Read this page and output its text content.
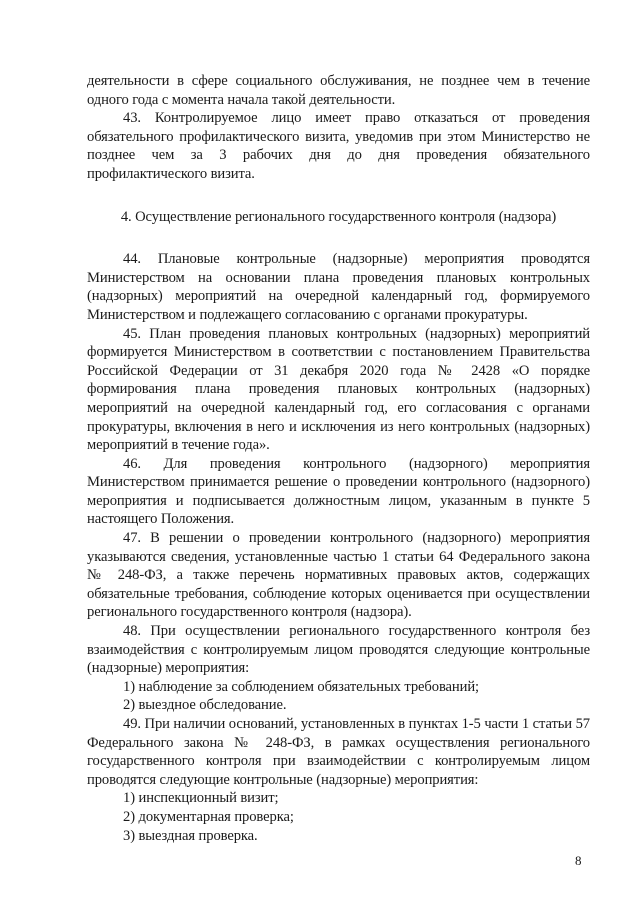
деятельности в сфере социального обслуживания, не позднее чем в течение одного года с момента начала такой деятельности.

43. Контролируемое лицо имеет право отказаться от проведения обязательного профилактического визита, уведомив при этом Министерство не позднее чем за 3 рабочих дня до дня проведения обязательного профилактического визита.

4. Осуществление регионального государственного контроля (надзора)

44. Плановые контрольные (надзорные) мероприятия проводятся Министерством на основании плана проведения плановых контрольных (надзорных) мероприятий на очередной календарный год, формируемого Министерством и подлежащего согласованию с органами прокуратуры.

45. План проведения плановых контрольных (надзорных) мероприятий формируется Министерством в соответствии с постановлением Правительства Российской Федерации от 31 декабря 2020 года № 2428 «О порядке формирования плана проведения плановых контрольных (надзорных) мероприятий на очередной календарный год, его согласования с органами прокуратуры, включения в него и исключения из него контрольных (надзорных) мероприятий в течение года».

46. Для проведения контрольного (надзорного) мероприятия Министерством принимается решение о проведении контрольного (надзорного) мероприятия и подписывается должностным лицом, указанным в пункте 5 настоящего Положения.

47. В решении о проведении контрольного (надзорного) мероприятия указываются сведения, установленные частью 1 статьи 64 Федерального закона № 248-ФЗ, а также перечень нормативных правовых актов, содержащих обязательные требования, соблюдение которых оценивается при осуществлении регионального государственного контроля (надзора).

48. При осуществлении регионального государственного контроля без взаимодействия с контролируемым лицом проводятся следующие контрольные (надзорные) мероприятия:

1) наблюдение за соблюдением обязательных требований;

2) выездное обследование.

49. При наличии оснований, установленных в пунктах 1-5 части 1 статьи 57 Федерального закона № 248-ФЗ, в рамках осуществления регионального государственного контроля при взаимодействии с контролируемым лицом проводятся следующие контрольные (надзорные) мероприятия:

1) инспекционный визит;

2) документарная проверка;

3) выездная проверка.

8
